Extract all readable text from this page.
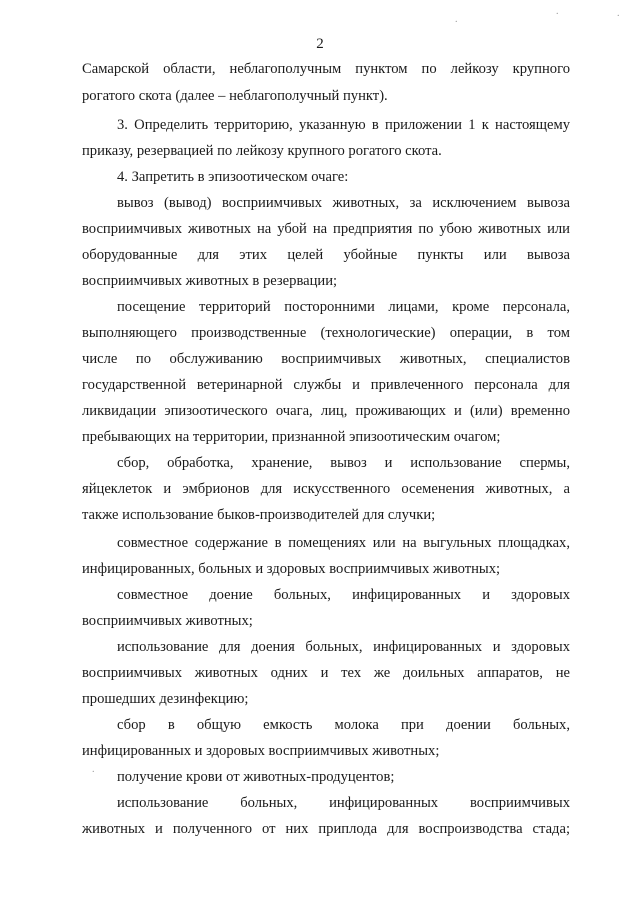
2
Самарской области, неблагополучным пунктом по лейкозу крупного
рогатого скота (далее – неблагополучный пункт).
3. Определить территорию, указанную в приложении 1 к настоящему
приказу, резервацией по лейкозу крупного рогатого скота.
4. Запретить в эпизоотическом очаге:
вывоз (вывод) восприимчивых животных, за исключением вывоза
восприимчивых животных на убой на предприятия по убою животных или
оборудованные для этих целей убойные пункты или вывоза
восприимчивых животных в резервации;
посещение территорий посторонними лицами, кроме персонала,
выполняющего производственные (технологические) операции, в том
числе по обслуживанию восприимчивых животных, специалистов
государственной ветеринарной службы и привлеченного персонала для
ликвидации эпизоотического очага, лиц, проживающих и (или) временно
пребывающих на территории, признанной эпизоотическим очагом;
сбор, обработка, хранение, вывоз и использование спермы,
яйцеклеток и эмбрионов для искусственного осеменения животных, а
также использование быков-производителей для случки;
совместное содержание в помещениях или на выгульных площадках,
инфицированных, больных и здоровых восприимчивых животных;
совместное доение больных, инфицированных и здоровых
восприимчивых животных;
использование для доения больных, инфицированных и здоровых
восприимчивых животных одних и тех же доильных аппаратов, не
прошедших дезинфекцию;
сбор в общую емкость молока при доении больных,
инфицированных и здоровых восприимчивых животных;
получение крови от животных-продуцентов;
использование больных, инфицированных восприимчивых
животных и полученного от них приплода для воспроизводства стада;
.
.	.
.
